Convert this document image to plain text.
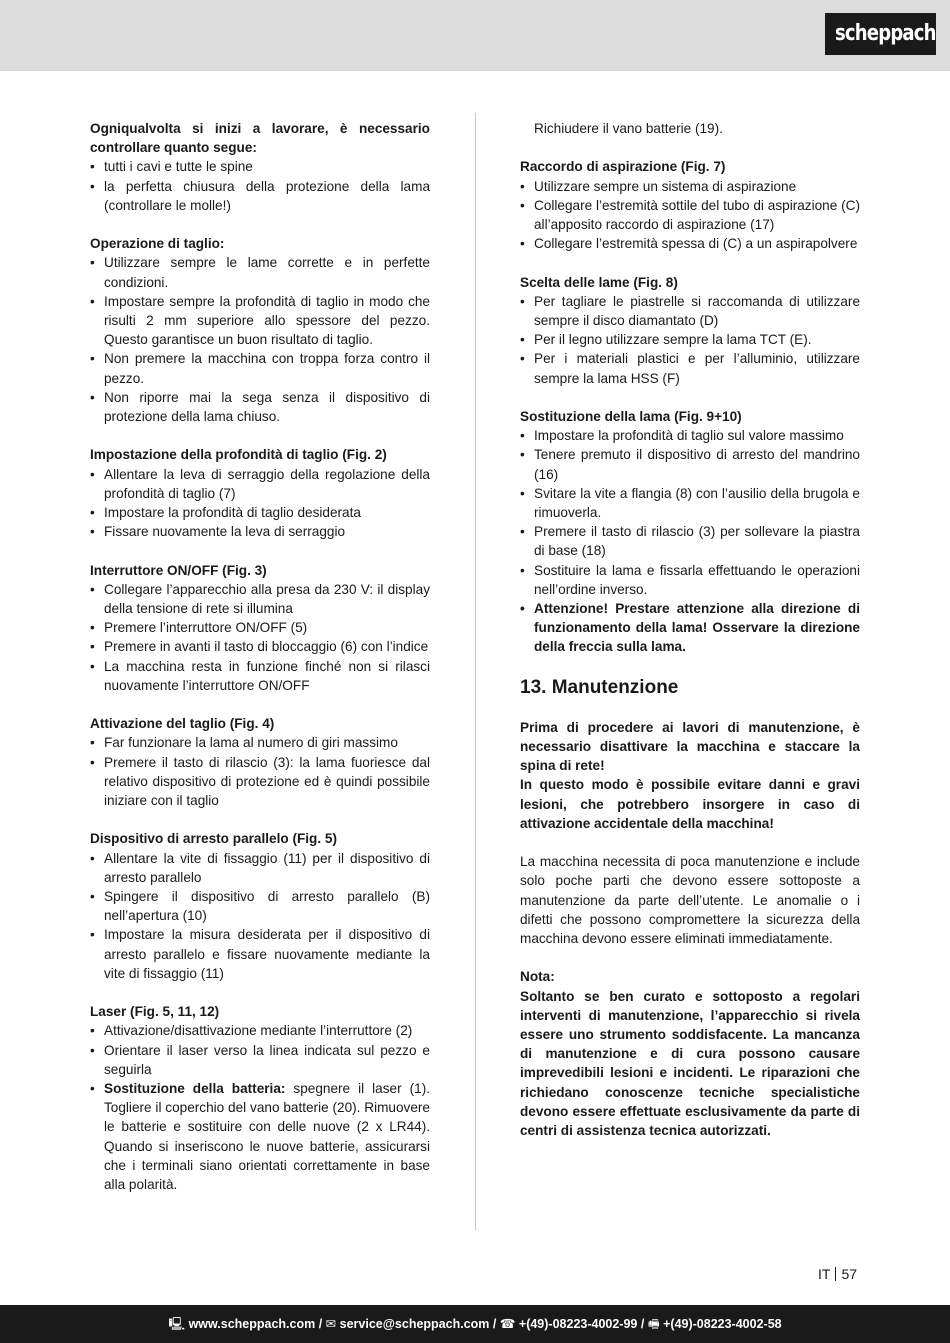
scheppach
Ogniqualvolta si inizi a lavorare, è necessario controllare quanto segue:
• tutti i cavi e tutte le spine
• la perfetta chiusura della protezione della lama (controllare le molle!)
Operazione di taglio:
• Utilizzare sempre le lame corrette e in perfette condizioni.
• Impostare sempre la profondità di taglio in modo che risulti 2 mm superiore allo spessore del pezzo. Questo garantisce un buon risultato di taglio.
• Non premere la macchina con troppa forza contro il pezzo.
• Non riporre mai la sega senza il dispositivo di protezione della lama chiuso.
Impostazione della profondità di taglio (Fig. 2)
• Allentare la leva di serraggio della regolazione della profondità di taglio (7)
• Impostare la profondità di taglio desiderata
• Fissare nuovamente la leva di serraggio
Interruttore ON/OFF (Fig. 3)
• Collegare l’apparecchio alla presa da 230 V: il display della tensione di rete si illumina
• Premere l’interruttore ON/OFF (5)
• Premere in avanti il tasto di bloccaggio (6) con l’indice
• La macchina resta in funzione finché non si rilasci nuovamente l’interruttore ON/OFF
Attivazione del taglio (Fig. 4)
• Far funzionare la lama al numero di giri massimo
• Premere il tasto di rilascio (3): la lama fuoriesce dal relativo dispositivo di protezione ed è quindi possibile iniziare con il taglio
Dispositivo di arresto parallelo (Fig. 5)
• Allentare la vite di fissaggio (11) per il dispositivo di arresto parallelo
• Spingere il dispositivo di arresto parallelo (B) nell’apertura (10)
• Impostare la misura desiderata per il dispositivo di arresto parallelo e fissare nuovamente mediante la vite di fissaggio (11)
Laser (Fig. 5, 11, 12)
• Attivazione/disattivazione mediante l’interruttore (2)
• Orientare il laser verso la linea indicata sul pezzo e seguirla
• Sostituzione della batteria: spegnere il laser (1). Togliere il coperchio del vano batterie (20). Rimuovere le batterie e sostituire con delle nuove (2 x LR44). Quando si inseriscono le nuove batterie, assicurarsi che i terminali siano orientati correttamente in base alla polarità.

Richiudere il vano batterie (19).

Raccordo di aspirazione (Fig. 7)
• Utilizzare sempre un sistema di aspirazione
• Collegare l’estremità sottile del tubo di aspirazione (C) all’apposito raccordo di aspirazione (17)
• Collegare l’estremità spessa di (C) a un aspirapolvere
Scelta delle lame (Fig. 8)
• Per tagliare le piastrelle si raccomanda di utilizzare sempre il disco diamantato (D)
• Per il legno utilizzare sempre la lama TCT (E).
• Per i materiali plastici e per l’alluminio, utilizzare sempre la lama HSS (F)
Sostituzione della lama (Fig. 9+10)
• Impostare la profondità di taglio sul valore massimo
• Tenere premuto il dispositivo di arresto del mandrino (16)
• Svitare la vite a flangia (8) con l’ausilio della brugola e rimuoverla.
• Premere il tasto di rilascio (3) per sollevare la piastra di base (18)
• Sostituire la lama e fissarla effettuando le operazioni nell’ordine inverso.
• Attenzione! Prestare attenzione alla direzione di funzionamento della lama! Osservare la direzione della freccia sulla lama.
13. Manutenzione

Prima di procedere ai lavori di manutenzione, è necessario disattivare la macchina e staccare la spina di rete!

In questo modo è possibile evitare danni e gravi lesioni, che potrebbero insorgere in caso di attivazione accidentale della macchina!

La macchina necessita di poca manutenzione e include solo poche parti che devono essere sottoposte a manutenzione da parte dell’utente. Le anomalie o i difetti che possono compromettere la sicurezza della macchina devono essere eliminati immediatamente.

Nota:

Soltanto se ben curato e sottoposto a regolari interventi di manutenzione, l’apparecchio si rivela essere uno strumento soddisfacente. La mancanza di manutenzione e di cura possono causare imprevedibili lesioni e incidenti. Le riparazioni che richiedano conoscenze tecniche specialistiche devono essere effettuate esclusivamente da parte di centri di assistenza tecnica autorizzati.

IT 57
🖳 www.scheppach.com / ✉ service@scheppach.com / ☎ +(49)-08223-4002-99 / 🖷 +(49)-08223-4002-58
